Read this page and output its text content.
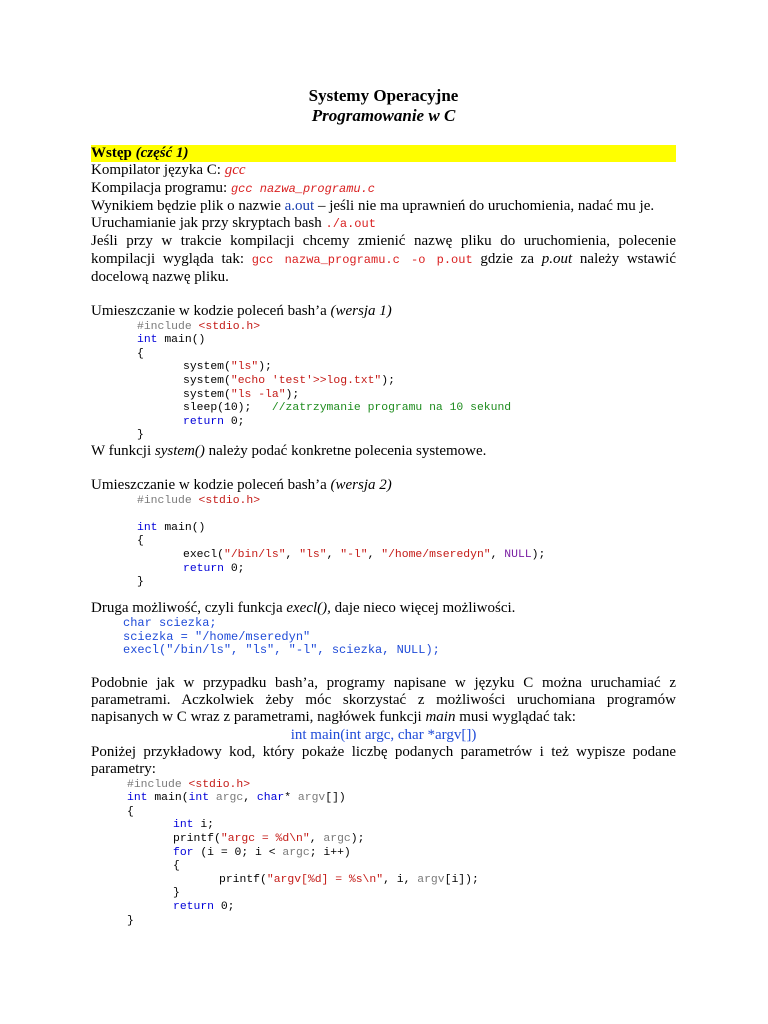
Systemy Operacyjne

Programowanie w C

Wstęp (część 1)

Kompilator języka C: gcc

Kompilacja programu: gcc nazwa_programu.c

Wynikiem będzie plik o nazwie a.out – jeśli nie ma uprawnień do uruchomienia, nadać mu je.

Uruchamianie jak przy skryptach bash ./a.out

Jeśli przy w trakcie kompilacji chcemy zmienić nazwę pliku do uruchomienia, polecenie kompilacji wygląda tak: gcc nazwa_programu.c -o p.out gdzie za p.out należy wstawić docelową nazwę pliku.

Umieszczanie w kodzie poleceń bash’a (wersja 1)

#include <stdio.h>

int main()

{

system("ls");

system("echo 'test'>>log.txt");

system("ls -la");

sleep(10);   //zatrzymanie programu na 10 sekund

return 0;

}

W funkcji system() należy podać konkretne polecenia systemowe.

Umieszczanie w kodzie poleceń bash’a (wersja 2)

#include <stdio.h>

int main()

{

execl("/bin/ls", "ls", "-l", "/home/mseredyn", NULL);

return 0;

}

Druga możliwość, czyli funkcja execl(), daje nieco więcej możliwości.

char sciezka;

sciezka = "/home/mseredyn"

execl("/bin/ls", "ls", "-l", sciezka, NULL);

Podobnie jak w przypadku bash’a, programy napisane w języku C można uruchamiać z parametrami. Aczkolwiek żeby móc skorzystać z możliwości uruchomiana programów napisanych w C wraz z parametrami, nagłówek funkcji main musi wyglądać tak:

int main(int argc, char *argv[])

Poniżej przykładowy kod, który pokaże liczbę podanych parametrów i też wypisze podane parametry:

#include <stdio.h>

int main(int argc, char* argv[])

{

int i;

printf("argc = %d\n", argc);

for (i = 0; i < argc; i++)

{

printf("argv[%d] = %s\n", i, argv[i]);

}

return 0;

}
